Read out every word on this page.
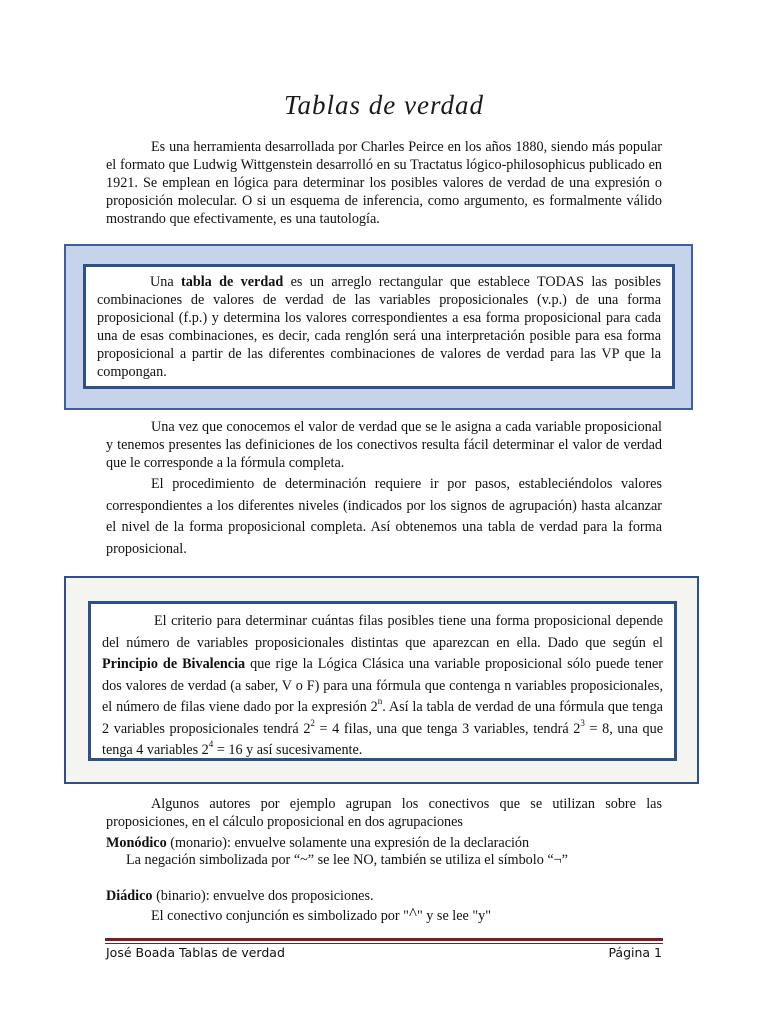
Tablas de verdad

Es una herramienta desarrollada por Charles Peirce en los años 1880, siendo más popular el formato que Ludwig Wittgenstein desarrolló en su Tractatus lógico-philosophicus publicado en 1921. Se emplean en lógica para determinar los posibles valores de verdad de una expresión o proposición molecular. O si un esquema de inferencia, como argumento, es formalmente válido mostrando que efectivamente, es una tautología.

Una tabla de verdad es un arreglo rectangular que establece TODAS las posibles combinaciones de valores de verdad de las variables proposicionales (v.p.) de una forma proposicional (f.p.) y determina los valores correspondientes a esa forma proposicional para cada una de esas combinaciones, es decir, cada renglón será una interpretación posible para esa forma proposicional a partir de las diferentes combinaciones de valores de verdad para las VP que la compongan.

Una vez que conocemos el valor de verdad que se le asigna a cada variable proposicional y tenemos presentes las definiciones de los conectivos resulta fácil determinar el valor de verdad que le corresponde a la fórmula completa.

El procedimiento de determinación requiere ir por pasos, estableciéndolos valores correspondientes a los diferentes niveles (indicados por los signos de agrupación) hasta alcanzar el nivel de la forma proposicional completa. Así obtenemos una tabla de verdad para la forma proposicional.

El criterio para determinar cuántas filas posibles tiene una forma proposicional depende del número de variables proposicionales distintas que aparezcan en ella. Dado que según el Principio de Bivalencia que rige la Lógica Clásica una variable proposicional sólo puede tener dos valores de verdad (a saber, V o F) para una fórmula que contenga n variables proposicionales, el número de filas viene dado por la expresión 2$^n$. Así la tabla de verdad de una fórmula que tenga 2 variables proposicionales tendrá $2^2 = 4$ filas, una que tenga 3 variables, tendrá $2^3 = 8$, una que tenga 4 variables $2^4 = 16$ y así sucesivamente.

Algunos autores por ejemplo agrupan los conectivos que se utilizan sobre las proposiciones, en el cálculo proposicional en dos agrupaciones

Monódico (monario): envuelve solamente una expresión de la declaración
La negación simbolizada por “~” se lee NO, también se utiliza el símbolo “¬”
Diádico (binario): envuelve dos proposiciones.
El conectivo conjunción es simbolizado por "^" y se lee "y"
José Boada Tablas de verdad	Página 1
